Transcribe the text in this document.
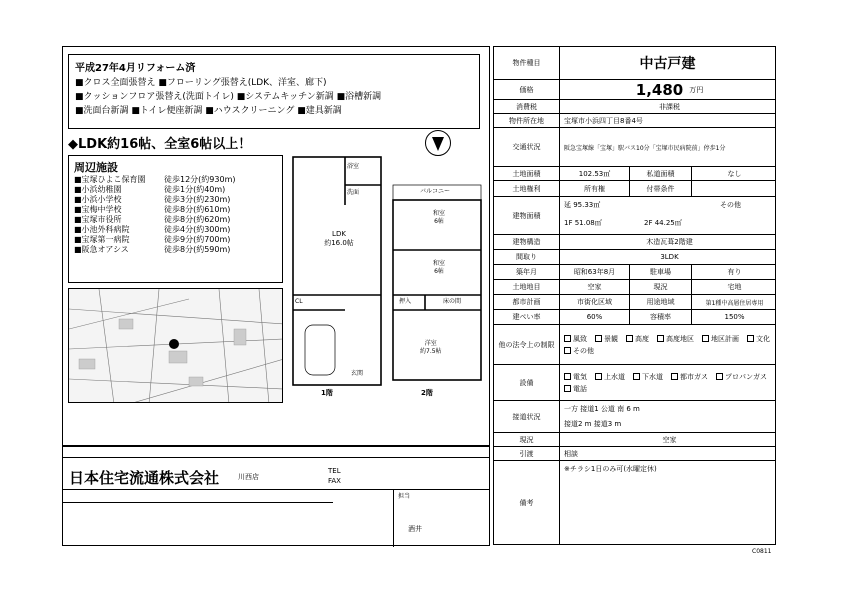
平成27年4月リフォーム済
■クロス全面張替え ■フローリング張替え(LDK、洋室、廊下)
■クッションフロア張替え(洗面トイレ) ■システムキッチン新調 ■浴槽新調
■洗面台新調 ■トイレ便座新調 ■ハウスクリーニング ■建具新調
◆LDK約16帖、全室6帖以上！
周辺施設
■宝塚ひよこ保育園	徒歩12分(約930m)
■小浜幼稚園	徒歩1分(約40m)
■小浜小学校	徒歩3分(約230m)
■宝梅中学校	徒歩8分(約610m)
■宝塚市役所	徒歩8分(約620m)
■小池外科病院	徒歩4分(約300m)
■宝塚第一病院	徒歩9分(約700m)
■阪急オアシス	徒歩8分(約590m)
浴室
洗面
LDK
約16.0帖
CL
玄関
バルコニー
和室
6帖
和室
6帖
押入	床の間
洋室
約7.5帖
1階	2階
日本住宅流通株式会社	川西店
TEL
FAX
担当
酒井
物件種目	中古戸建
価格	1,480 万円
消費税	非課税
物件所在地	宝塚市小浜四丁目8番4号
交通状況	阪急宝塚線「宝塚」駅バス10分「宝塚市民病院前」停歩1分
土地面積	102.53㎡	私道面積	なし
土地権利	所有権	付帯条件
建物面積
延 95.33㎡
1F 51.08㎡	2F 44.25㎡
その他
建物構造	木造瓦葺2階建
間取り	3LDK
築年月	昭和63年8月	駐車場	有り
土地地目	空家	現況	宅地
都市計画	市街化区域	用途地域	第1種中高層住居専用
建ぺい率	60%	容積率	150%
他の法令上の制限
風致	景観	高度	高度地区	地区計画	文化
その他
設備
電気	上水道	下水道	都市ガス	プロパンガス
電話
接道状況
一方 接道1 公道 南 6 m
接道2 m 接道3 m
現況	空家
引渡	相談
備考
※チラシ1日のみ可(水曜定休)
C0811
